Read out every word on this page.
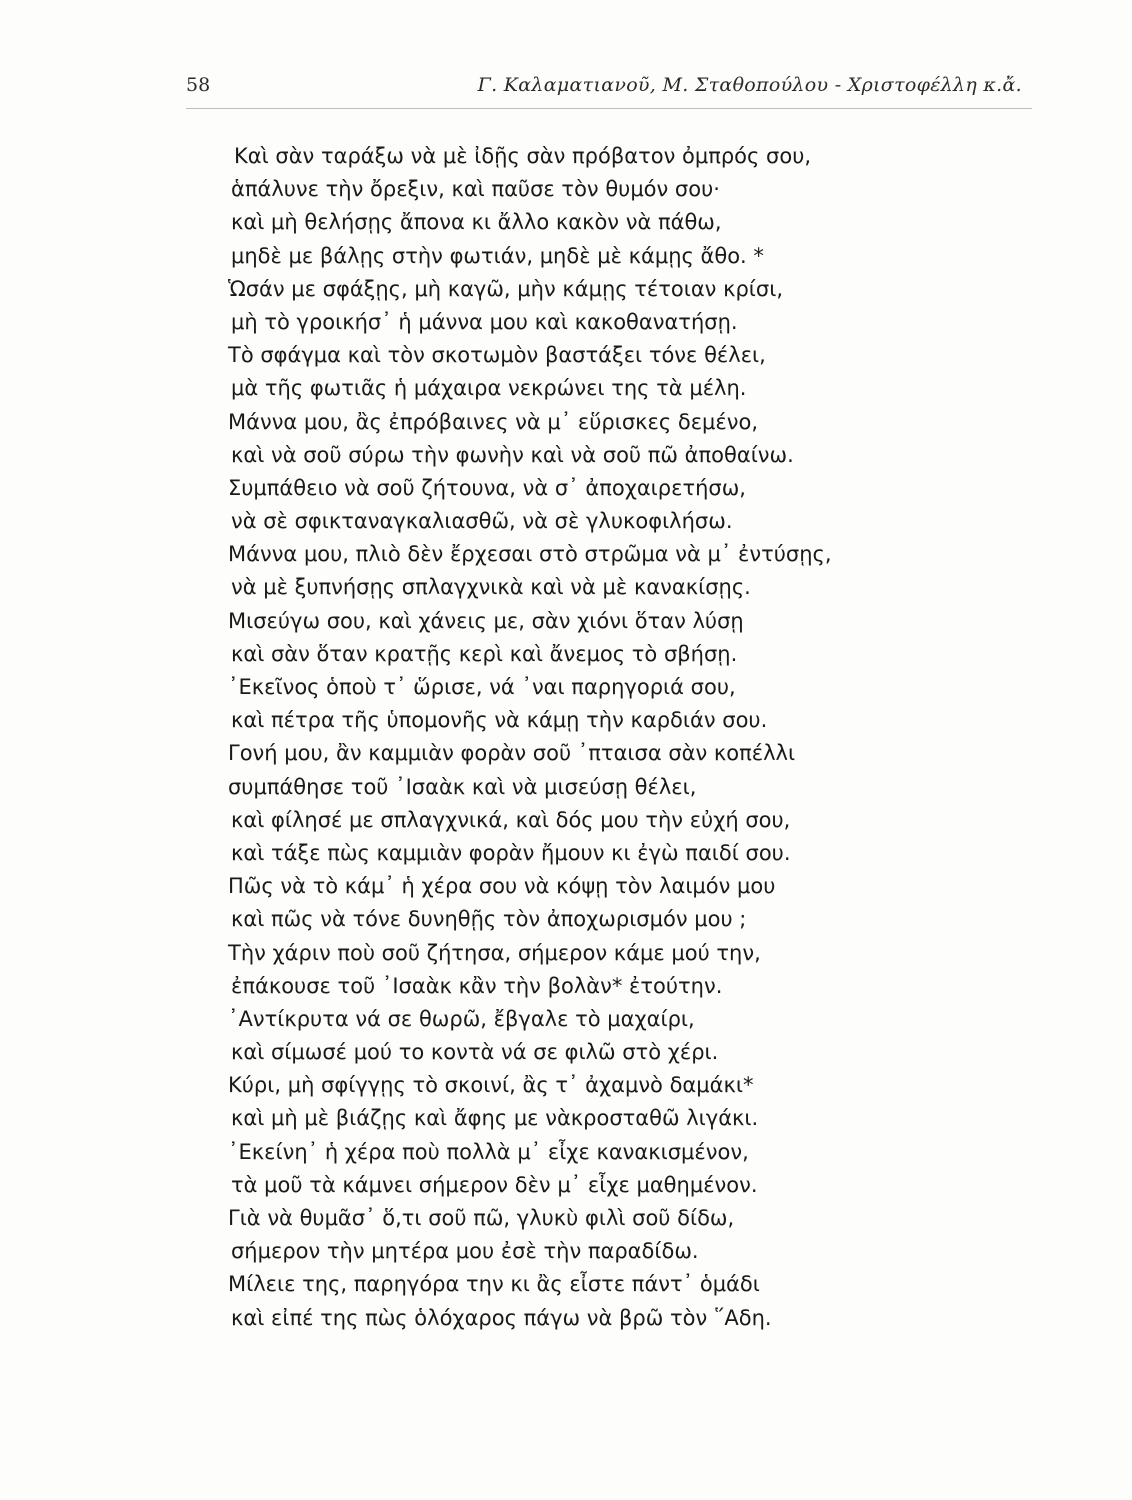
58	Γ. Καλαματιανοῦ, Μ. Σταθοπούλου - Χριστοφέλλη κ.ἄ.
Καὶ σὰν ταράξω νὰ μὲ ἰδῇς σὰν πρόβατον ὀμπρός σου,
ἁπάλυνε τὴν ὄρεξιν, καὶ παῦσε τὸν θυμόν σου·
καὶ μὴ θελήσῃς ἄπονα κι ἄλλο κακὸν νὰ πάθω,
μηδὲ με βάλῃς στὴν φωτιάν, μηδὲ μὲ κάμῃς ἄθο. *
Ὡσάν με σφάξῃς, μὴ καγῶ, μὴν κάμῃς τέτοιαν κρίσι,
μὴ τὸ γροικήσ᾽ ἡ μάννα μου καὶ κακοθανατήσῃ.
Τὸ σφάγμα καὶ τὸν σκοτωμὸν βαστάξει τόνε θέλει,
μὰ τῆς φωτιᾶς ἡ μάχαιρα νεκρώνει της τὰ μέλη.
Μάννα μου, ἂς ἐπρόβαινες νὰ μ᾽ εὕρισκες δεμένο,
καὶ νὰ σοῦ σύρω τὴν φωνὴν καὶ νὰ σοῦ πῶ ἀποθαίνω.
Συμπάθειο νὰ σοῦ ζήτουνα, νὰ σ᾽ ἀποχαιρετήσω,
νὰ σὲ σφικταναγκαλιασθῶ, νὰ σὲ γλυκοφιλήσω.
Μάννα μου, πλιὸ δὲν ἔρχεσαι στὸ στρῶμα νὰ μ᾽ ἐντύσῃς,
νὰ μὲ ξυπνήσῃς σπλαγχνικὰ καὶ νὰ μὲ κανακίσῃς.
Μισεύγω σου, καὶ χάνεις με, σὰν χιόνι ὅταν λύσῃ
καὶ σὰν ὅταν κρατῇς κερὶ καὶ ἄνεμος τὸ σβήσῃ.
᾽Εκεῖνος ὁποὺ τ᾽ ὥρισε, νά ᾽ναι παρηγοριά σου,
καὶ πέτρα τῆς ὑπομονῆς νὰ κάμῃ τὴν καρδιάν σου.
Γονή μου, ἂν καμμιὰν φορὰν σοῦ ᾽πταισα σὰν κοπέλλι
συμπάθησε τοῦ ᾽Ισαὰκ καὶ νὰ μισεύσῃ θέλει,
καὶ φίλησέ με σπλαγχνικά, καὶ δός μου τὴν εὐχή σου,
καὶ τάξε πὼς καμμιὰν φορὰν ἤμουν κι ἐγὼ παιδί σου.
Πῶς νὰ τὸ κάμ᾽ ἡ χέρα σου νὰ κόψῃ τὸν λαιμόν μου
καὶ πῶς νὰ τόνε δυνηθῇς τὸν ἀποχωρισμόν μου ;
Τὴν χάριν ποὺ σοῦ ζήτησα, σήμερον κάμε μού την,
ἐπάκουσε τοῦ ᾽Ισαὰκ κἂν τὴν βολὰν* ἐτούτην.
᾽Αντίκρυτα νά σε θωρῶ, ἔβγαλε τὸ μαχαίρι,
καὶ σίμωσέ μού το κοντὰ νά σε φιλῶ στὸ χέρι.
Κύρι, μὴ σφίγγῃς τὸ σκοινί, ἂς τ᾽ ἀχαμνὸ δαμάκι*
καὶ μὴ μὲ βιάζῃς καὶ ἄφης με νὰκροσταθῶ λιγάκι.
᾽Εκείνη᾽ ἡ χέρα ποὺ πολλὰ μ᾽ εἶχε κανακισμένον,
τὰ μοῦ τὰ κάμνει σήμερον δὲν μ᾽ εἶχε μαθημένον.
Γιὰ νὰ θυμᾶσ᾽ ὅ,τι σοῦ πῶ, γλυκὺ φιλὶ σοῦ δίδω,
σήμερον τὴν μητέρα μου ἐσὲ τὴν παραδίδω.
Μίλειε της, παρηγόρα την κι ἂς εἶστε πάντ᾽ ὁμάδι
καὶ εἰπέ της πὼς ὁλόχαρος πάγω νὰ βρῶ τὸν ῞Αδη.
